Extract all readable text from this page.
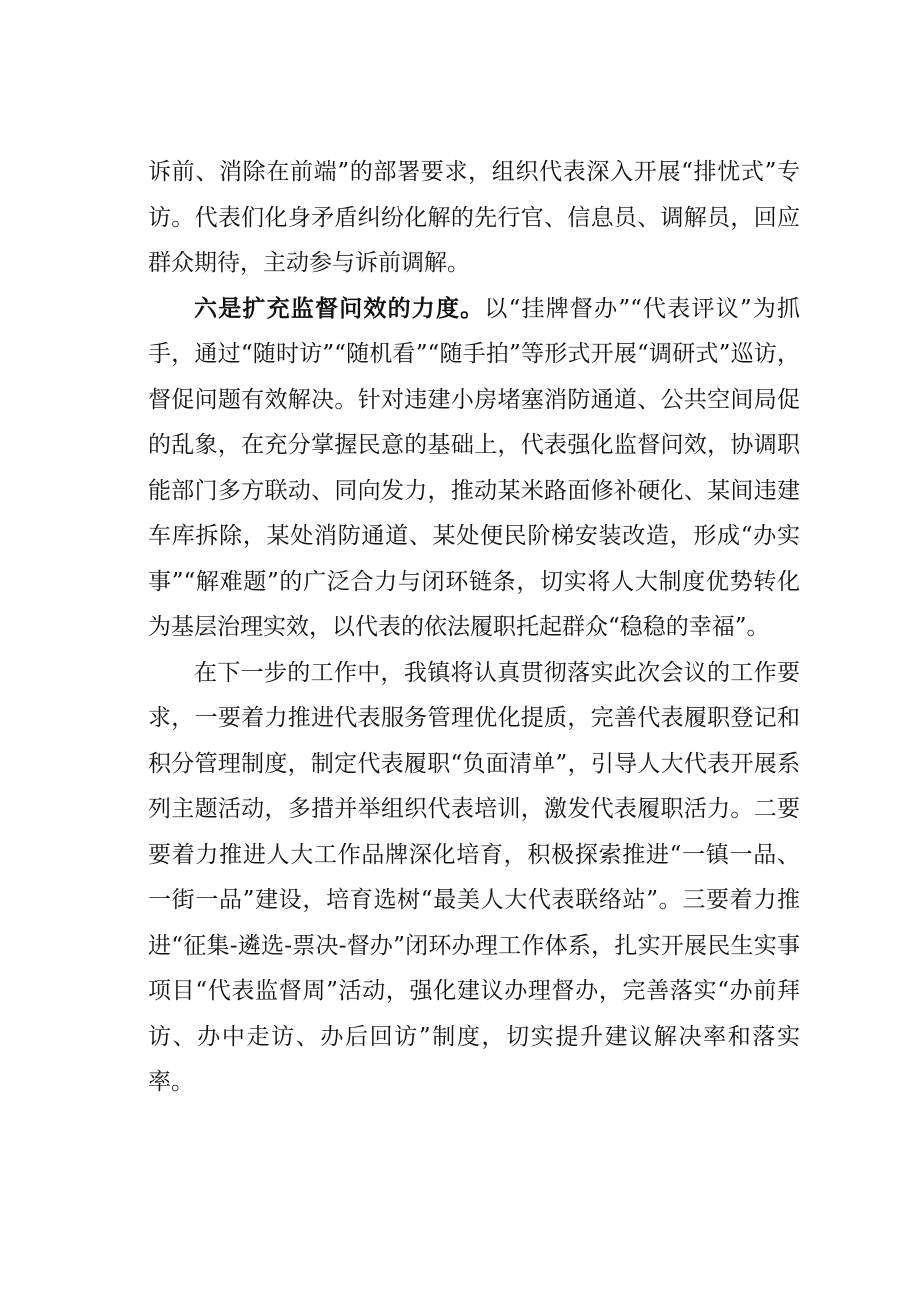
诉前、消除在前端”的部署要求，组织代表深入开展“排忧式”专访。代表们化身矛盾纠纷化解的先行官、信息员、调解员，回应群众期待，主动参与诉前调解。

六是扩充监督问效的力度。以“挂牌督办”“代表评议”为抓手，通过“随时访”“随机看”“随手拍”等形式开展“调研式”巡访，督促问题有效解决。针对违建小房堵塞消防通道、公共空间局促的乱象，在充分掌握民意的基础上，代表强化监督问效，协调职能部门多方联动、同向发力，推动某米路面修补硬化、某间违建车库拆除，某处消防通道、某处便民阶梯安装改造，形成“办实事”“解难题”的广泛合力与闭环链条，切实将人大制度优势转化为基层治理实效，以代表的依法履职托起群众“稳稳的幸福”。

在下一步的工作中，我镇将认真贯彻落实此次会议的工作要求，一要着力推进代表服务管理优化提质，完善代表履职登记和积分管理制度，制定代表履职“负面清单”，引导人大代表开展系列主题活动，多措并举组织代表培训，激发代表履职活力。二要要着力推进人大工作品牌深化培育，积极探索推进“一镇一品、一街一品”建设，培育选树“最美人大代表联络站”。三要着力推进“征集-遴选-票决-督办”闭环办理工作体系，扎实开展民生实事项目“代表监督周”活动，强化建议办理督办，完善落实“办前拜访、办中走访、办后回访”制度，切实提升建议解决率和落实率。
